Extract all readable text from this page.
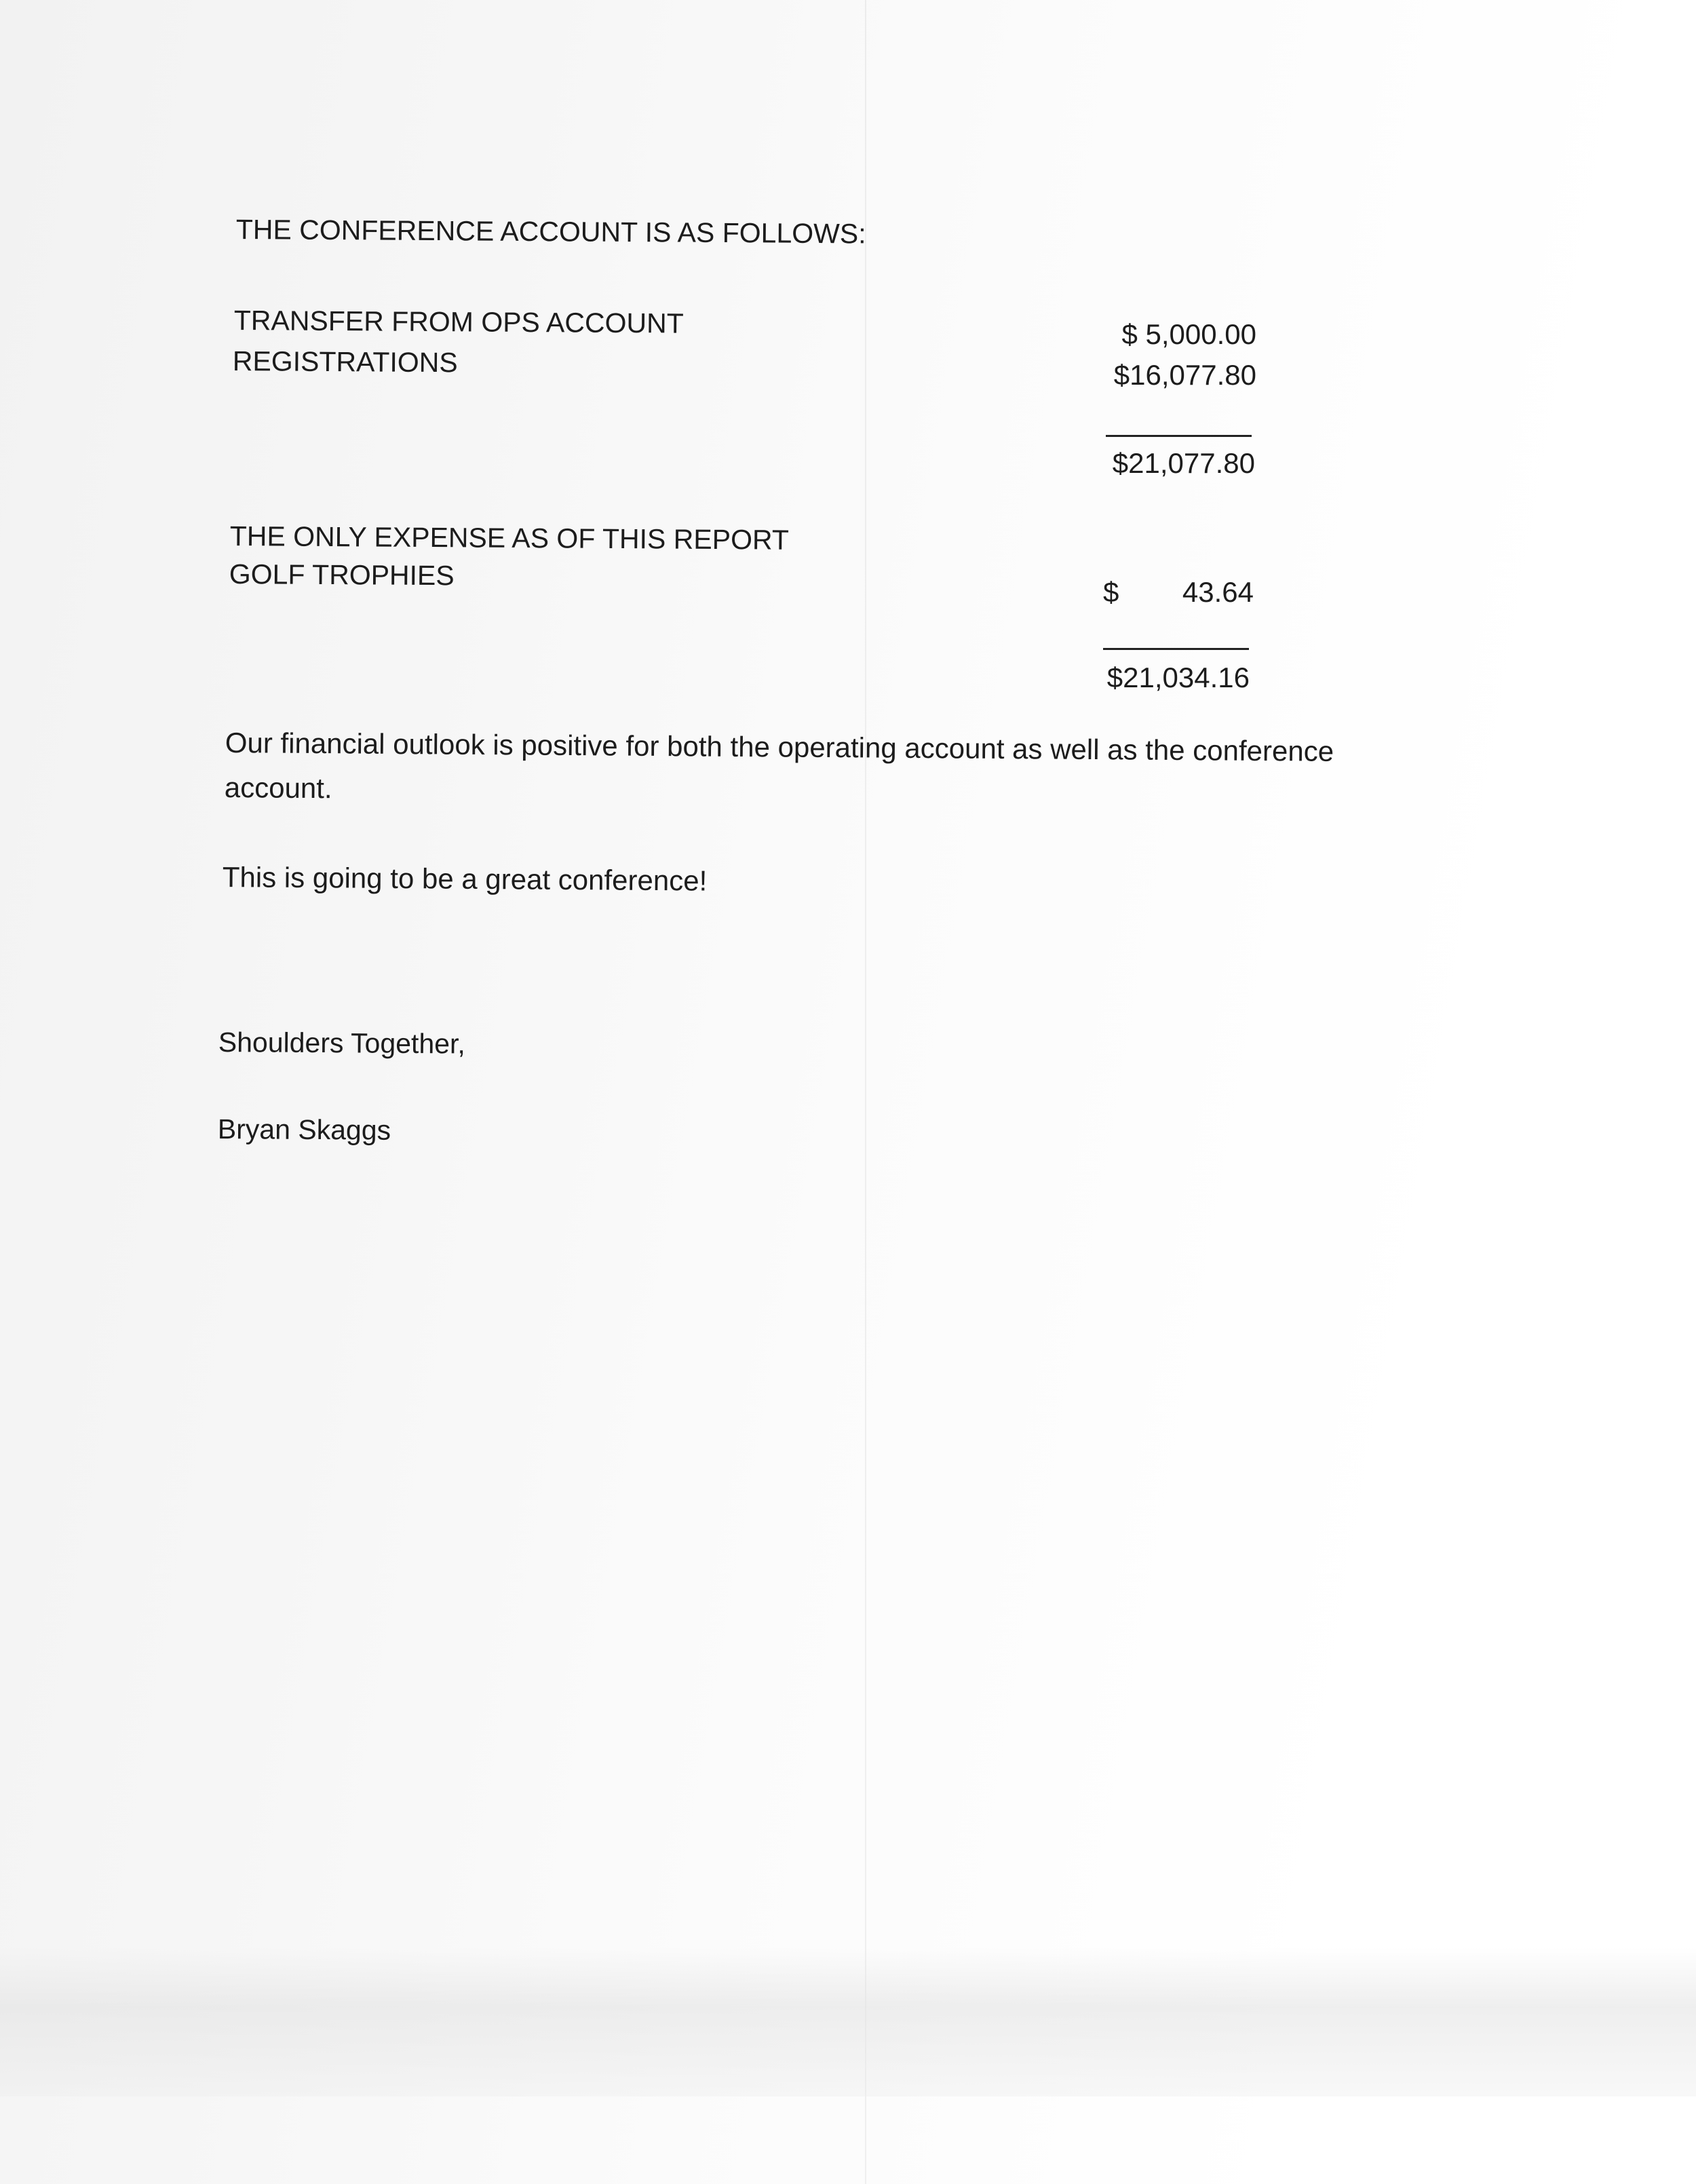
THE CONFERENCE ACCOUNT IS AS FOLLOWS:

TRANSFER FROM OPS ACCOUNT

REGISTRATIONS

$ 5,000.00

$16,077.80

$21,077.80

THE ONLY EXPENSE AS OF THIS REPORT

GOLF TROPHIES

$	43.64

$21,034.16

Our financial outlook is positive for both the operating account as well as the conference

account.

This is going to be a great conference!

Shoulders Together,

Bryan Skaggs
